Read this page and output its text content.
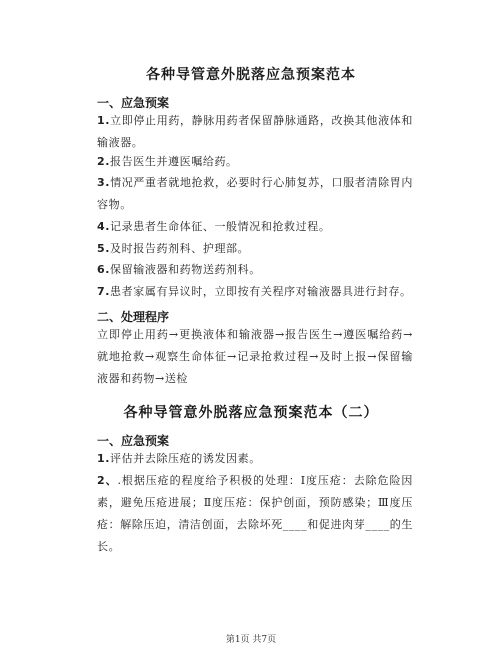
各种导管意外脱落应急预案范本
一、应急预案

1.立即停止用药，静脉用药者保留静脉通路，改换其他液体和输液器。

2.报告医生并遵医嘱给药。

3.情况严重者就地抢救，必要时行心肺复苏，口服者清除胃内容物。

4.记录患者生命体征、一般情况和抢救过程。

5.及时报告药剂科、护理部。

6.保留输液器和药物送药剂科。

7.患者家属有异议时，立即按有关程序对输液器具进行封存。

二、处理程序

立即停止用药→更换液体和输液器→报告医生→遵医嘱给药→就地抢救→观察生命体征→记录抢救过程→及时上报→保留输液器和药物→送检

各种导管意外脱落应急预案范本（二）
一、应急预案

1.评估并去除压疮的诱发因素。

2、.根据压疮的程度给予积极的处理：Ⅰ度压疮：去除危险因素，避免压疮进展；Ⅱ度压疮：保护创面，预防感染；Ⅲ度压疮：解除压迫，清洁创面，去除坏死____和促进肉芽____的生长。

第1页 共7页
